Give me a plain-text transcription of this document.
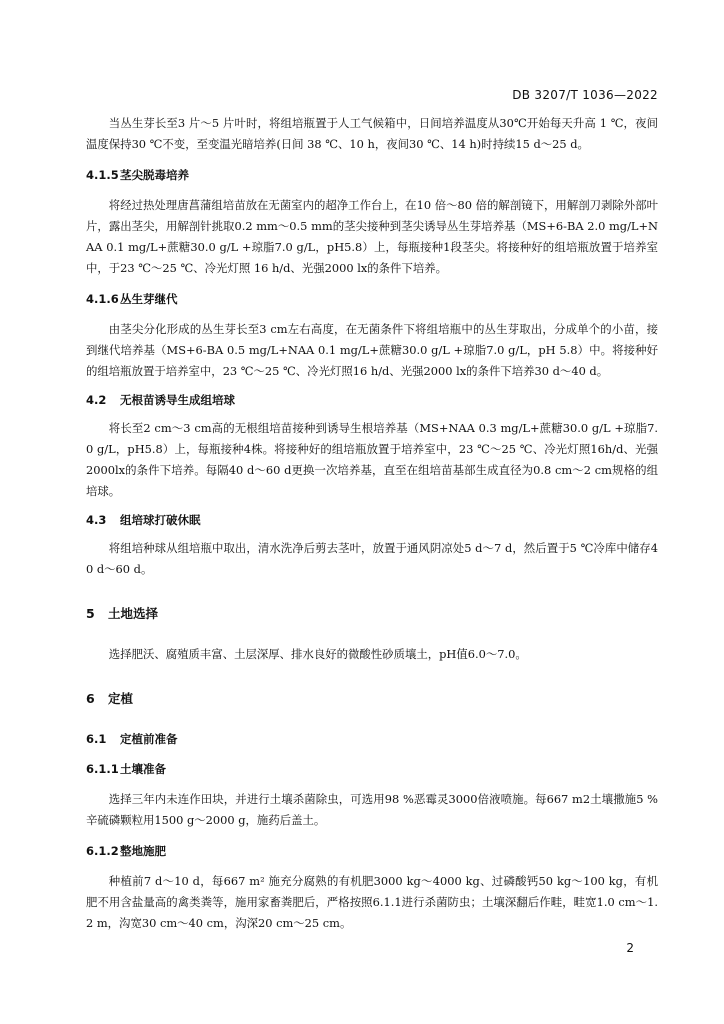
DB 3207/T 1036—2022

当丛生芽长至3 片～5 片叶时，将组培瓶置于人工气候箱中，日间培养温度从30℃开始每天升高 1 ℃，夜间温度保持30 ℃不变，至变温光暗培养(日间 38 ℃、10 h，夜间30 ℃、14 h)时持续15 d～25 d。

4.1.5 茎尖脱毒培养

将经过热处理唐菖蒲组培苗放在无菌室内的超净工作台上，在10 倍～80 倍的解剖镜下，用解剖刀剥除外部叶片，露出茎尖，用解剖针挑取0.2 mm～0.5 mm的茎尖接种到茎尖诱导丛生芽培养基（MS+6-BA 2.0 mg/L+NAA 0.1 mg/L+蔗糖30.0 g/L +琼脂7.0 g/L，pH5.8）上，每瓶接种1段茎尖。将接种好的组培瓶放置于培养室中，于23 ℃～25 ℃、冷光灯照 16 h/d、光强2000 lx的条件下培养。

4.1.6 丛生芽继代

由茎尖分化形成的丛生芽长至3 cm左右高度，在无菌条件下将组培瓶中的丛生芽取出，分成单个的小苗，接到继代培养基（MS+6-BA 0.5 mg/L+NAA 0.1 mg/L+蔗糖30.0 g/L +琼脂7.0 g/L，pH 5.8）中。将接种好的组培瓶放置于培养室中，23 ℃～25 ℃、冷光灯照16 h/d、光强2000 lx的条件下培养30 d～40 d。

4.2	无根苗诱导生成组培球

将长至2 cm～3 cm高的无根组培苗接种到诱导生根培养基（MS+NAA 0.3 mg/L+蔗糖30.0 g/L +琼脂7.0 g/L，pH5.8）上，每瓶接种4株。将接种好的组培瓶放置于培养室中，23 ℃～25 ℃、冷光灯照16h/d、光强2000lx的条件下培养。每隔40 d～60 d更换一次培养基，直至在组培苗基部生成直径为0.8 cm～2 cm规格的组培球。

4.3	组培球打破休眠

将组培种球从组培瓶中取出，清水洗净后剪去茎叶，放置于通风阴凉处5 d～7 d，然后置于5 ℃冷库中储存40 d～60 d。

5	土地选择

选择肥沃、腐殖质丰富、土层深厚、排水良好的微酸性砂质壤土，pH值6.0～7.0。

6	定植
6.1	定植前准备
6.1.1 土壤准备

选择三年内未连作田块，并进行土壤杀菌除虫，可选用98 %恶霉灵3000倍液喷施。每667 m2土壤撒施5 %辛硫磷颗粒用1500 g～2000 g，施药后盖土。

6.1.2 整地施肥

种植前7 d～10 d，每667 m² 施充分腐熟的有机肥3000 kg～4000 kg、过磷酸钙50 kg～100 kg，有机肥不用含盐量高的禽类粪等，施用家畜粪肥后，严格按照6.1.1进行杀菌防虫；土壤深翻后作畦，畦宽1.0 cm～1.2 m，沟宽30 cm～40 cm，沟深20 cm～25 cm。

2
